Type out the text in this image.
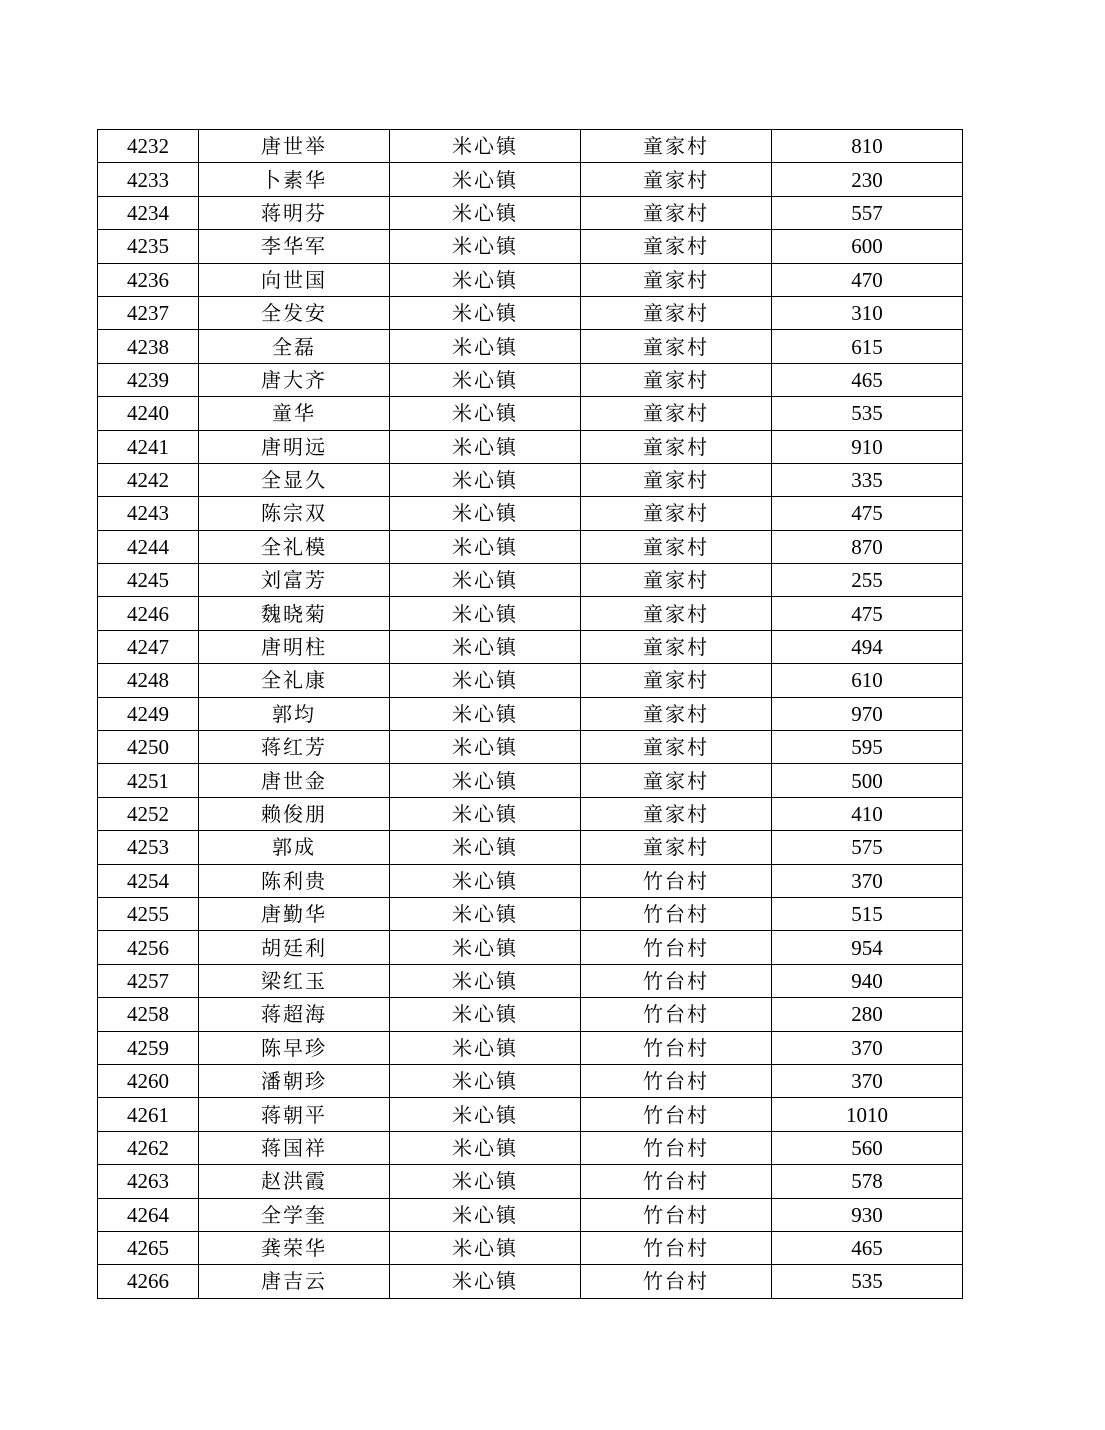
4232	唐世举	米心镇	童家村	810
4233	卜素华	米心镇	童家村	230
4234	蒋明芬	米心镇	童家村	557
4235	李华军	米心镇	童家村	600
4236	向世国	米心镇	童家村	470
4237	全发安	米心镇	童家村	310
4238	全磊	米心镇	童家村	615
4239	唐大齐	米心镇	童家村	465
4240	童华	米心镇	童家村	535
4241	唐明远	米心镇	童家村	910
4242	全显久	米心镇	童家村	335
4243	陈宗双	米心镇	童家村	475
4244	全礼模	米心镇	童家村	870
4245	刘富芳	米心镇	童家村	255
4246	魏晓菊	米心镇	童家村	475
4247	唐明柱	米心镇	童家村	494
4248	全礼康	米心镇	童家村	610
4249	郭均	米心镇	童家村	970
4250	蒋红芳	米心镇	童家村	595
4251	唐世金	米心镇	童家村	500
4252	赖俊朋	米心镇	童家村	410
4253	郭成	米心镇	童家村	575
4254	陈利贵	米心镇	竹台村	370
4255	唐勤华	米心镇	竹台村	515
4256	胡廷利	米心镇	竹台村	954
4257	梁红玉	米心镇	竹台村	940
4258	蒋超海	米心镇	竹台村	280
4259	陈早珍	米心镇	竹台村	370
4260	潘朝珍	米心镇	竹台村	370
4261	蒋朝平	米心镇	竹台村	1010
4262	蒋国祥	米心镇	竹台村	560
4263	赵洪霞	米心镇	竹台村	578
4264	全学奎	米心镇	竹台村	930
4265	龚荣华	米心镇	竹台村	465
4266	唐吉云	米心镇	竹台村	535
